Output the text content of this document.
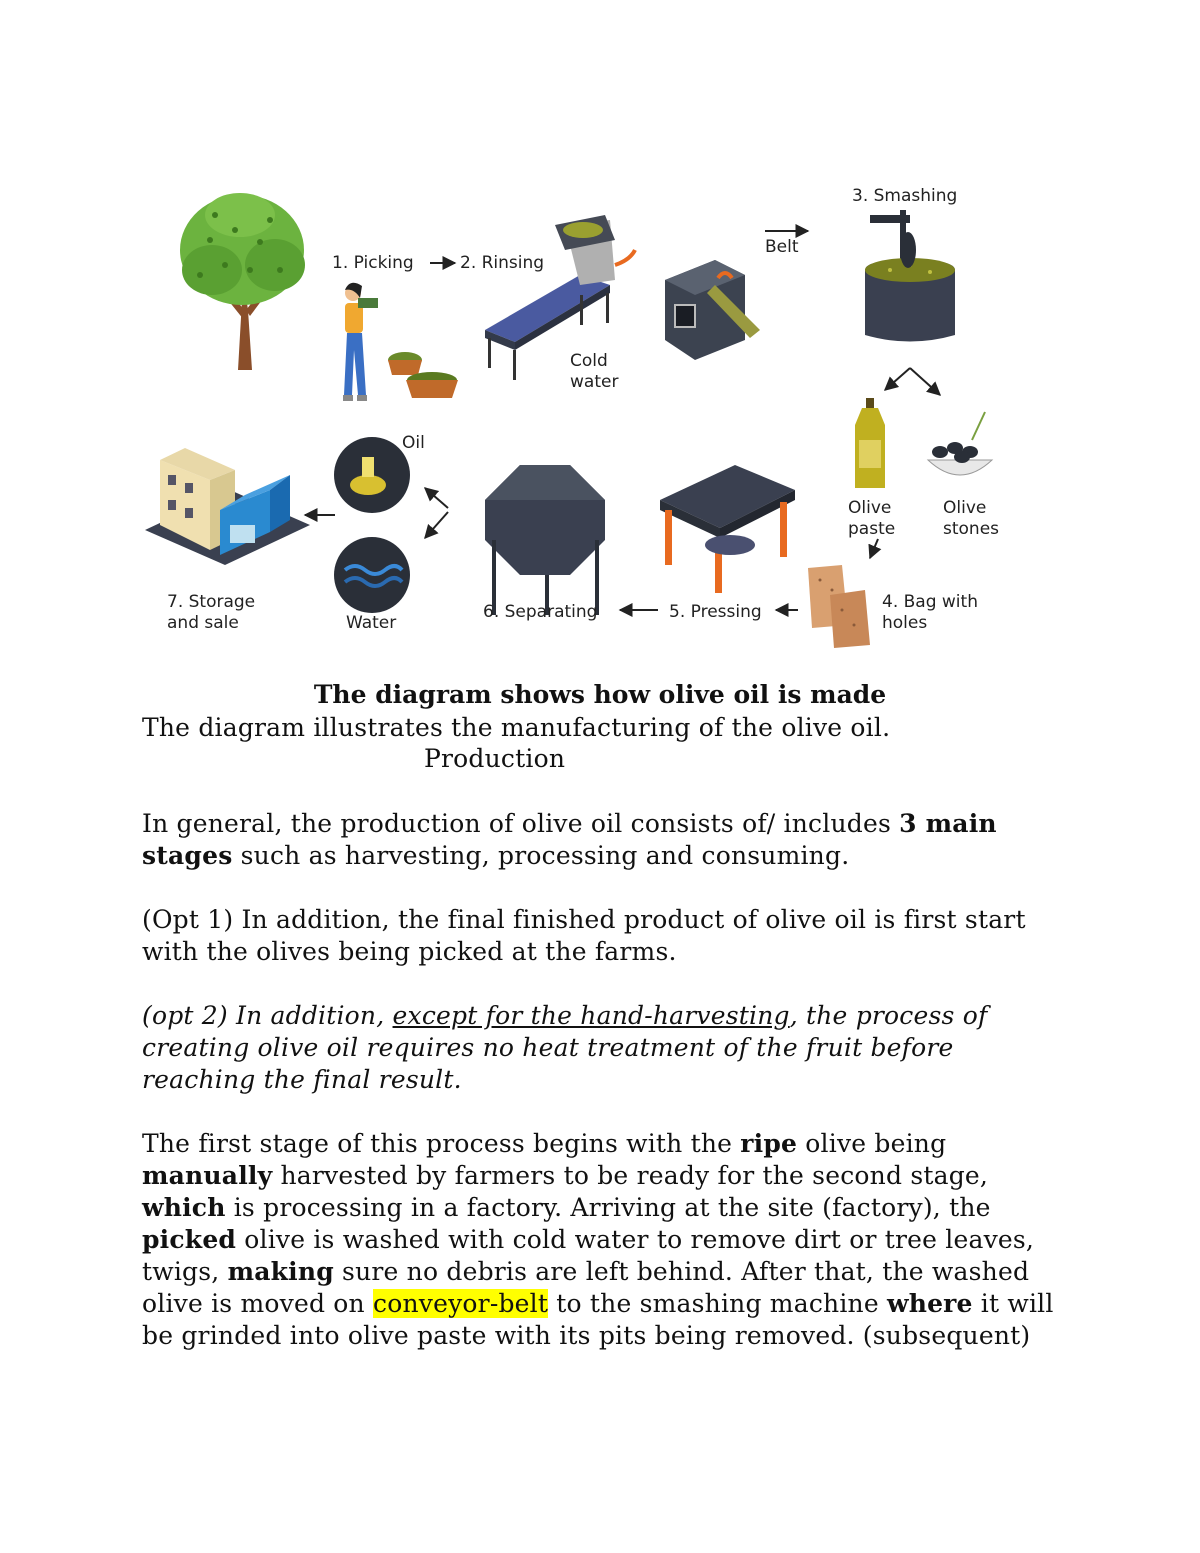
1. Picking	2. Rinsing
Cold
water
Belt
3. Smashing
Olive
paste
Olive
stones
4. Bag with
holes
5. Pressing
6. Separating
Oil
Water
7. Storage
and sale
The diagram shows how olive oil is made
The diagram illustrates the manufacturing of the olive oil.
Production

In general, the production of olive oil consists of/ includes 3 main stages such as harvesting, processing and consuming.

(Opt 1) In addition, the final finished product of olive oil is first start with the olives being picked at the farms.

(opt 2) In addition, except for the hand-harvesting, the process of creating olive oil requires no heat treatment of the fruit before reaching the final result.

The first stage of this process begins with the ripe olive being manually harvested by farmers to be ready for the second stage, which is processing in a factory. Arriving at the site (factory), the picked olive is washed with cold water to remove dirt or tree leaves, twigs, making sure no debris are left behind. After that, the washed olive is moved on conveyor-belt to the smashing machine where it will be grinded into olive paste with its pits being removed. (subsequent)
